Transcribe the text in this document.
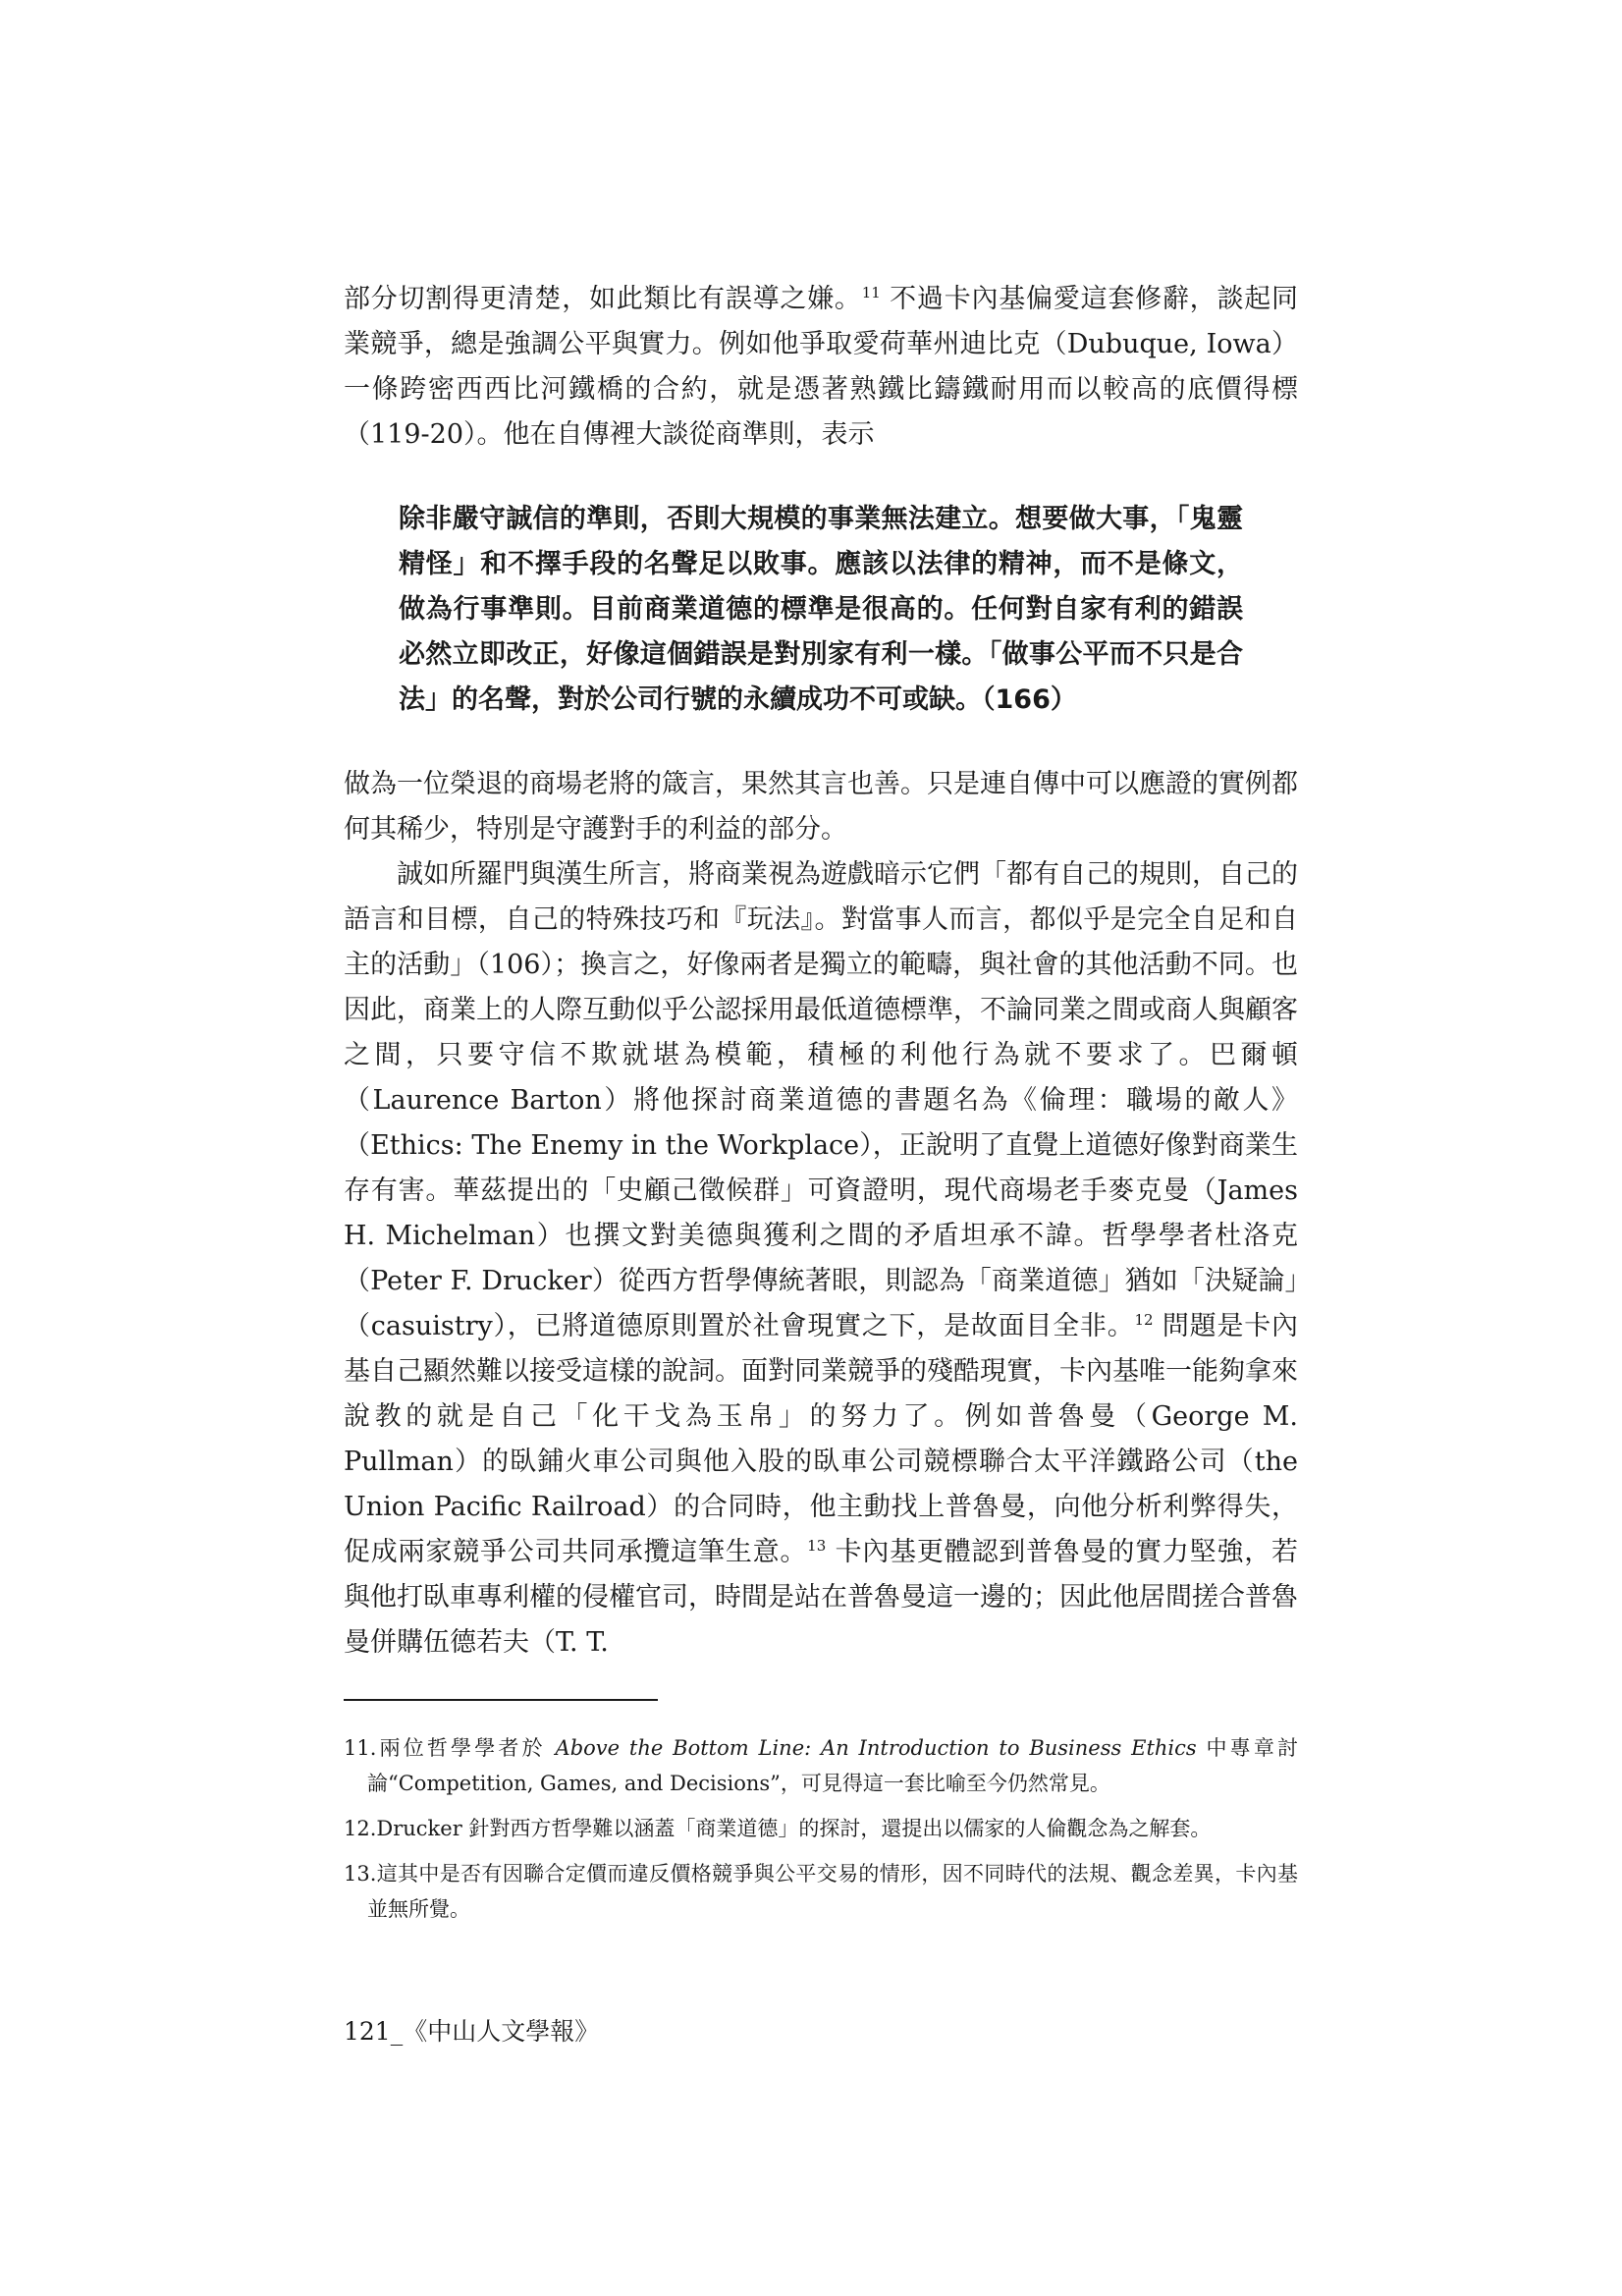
部分切割得更清楚，如此類比有誤導之嫌。$^{11}$ 不過卡內基偏愛這套修辭，談起同業競爭，總是強調公平與實力。例如他爭取愛荷華州迪比克（Dubuque, Iowa）一條跨密西西比河鐵橋的合約，就是憑著熟鐵比鑄鐵耐用而以較高的底價得標（119-20）。他在自傳裡大談從商準則，表示

除非嚴守誠信的準則，否則大規模的事業無法建立。想要做大事，「鬼靈精怪」和不擇手段的名聲足以敗事。應該以法律的精神，而不是條文，做為行事準則。目前商業道德的標準是很高的。任何對自家有利的錯誤必然立即改正，好像這個錯誤是對別家有利一樣。「做事公平而不只是合法」的名聲，對於公司行號的永續成功不可或缺。（166）

做為一位榮退的商場老將的箴言，果然其言也善。只是連自傳中可以應證的實例都何其稀少，特別是守護對手的利益的部分。

誠如所羅門與漢生所言，將商業視為遊戲暗示它們「都有自己的規則，自己的語言和目標，自己的特殊技巧和『玩法』。對當事人而言，都似乎是完全自足和自主的活動」（106）；換言之，好像兩者是獨立的範疇，與社會的其他活動不同。也因此，商業上的人際互動似乎公認採用最低道德標準，不論同業之間或商人與顧客之間，只要守信不欺就堪為模範，積極的利他行為就不要求了。巴爾頓（Laurence Barton）將他探討商業道德的書題名為《倫理：職場的敵人》（Ethics: The Enemy in the Workplace），正說明了直覺上道德好像對商業生存有害。華茲提出的「史顧己徵候群」可資證明，現代商場老手麥克曼（James H. Michelman）也撰文對美德與獲利之間的矛盾坦承不諱。哲學學者杜洛克（Peter F. Drucker）從西方哲學傳統著眼，則認為「商業道德」猶如「決疑論」（casuistry），已將道德原則置於社會現實之下，是故面目全非。$^{12}$ 問題是卡內基自己顯然難以接受這樣的說詞。面對同業競爭的殘酷現實，卡內基唯一能夠拿來說教的就是自己「化干戈為玉帛」的努力了。例如普魯曼（George M. Pullman）的臥鋪火車公司與他入股的臥車公司競標聯合太平洋鐵路公司（the Union Pacific Railroad）的合同時，他主動找上普魯曼，向他分析利弊得失，促成兩家競爭公司共同承攬這筆生意。$^{13}$ 卡內基更體認到普魯曼的實力堅強，若與他打臥車專利權的侵權官司，時間是站在普魯曼這一邊的；因此他居間搓合普魯曼併購伍德若夫（T. T.

11.兩位哲學學者於 Above the Bottom Line: An Introduction to Business Ethics 中專章討論“Competition, Games, and Decisions”，可見得這一套比喻至今仍然常見。

12.Drucker 針對西方哲學難以涵蓋「商業道德」的探討，還提出以儒家的人倫觀念為之解套。

13.這其中是否有因聯合定價而違反價格競爭與公平交易的情形，因不同時代的法規、觀念差異，卡內基並無所覺。

121_《中山人文學報》
